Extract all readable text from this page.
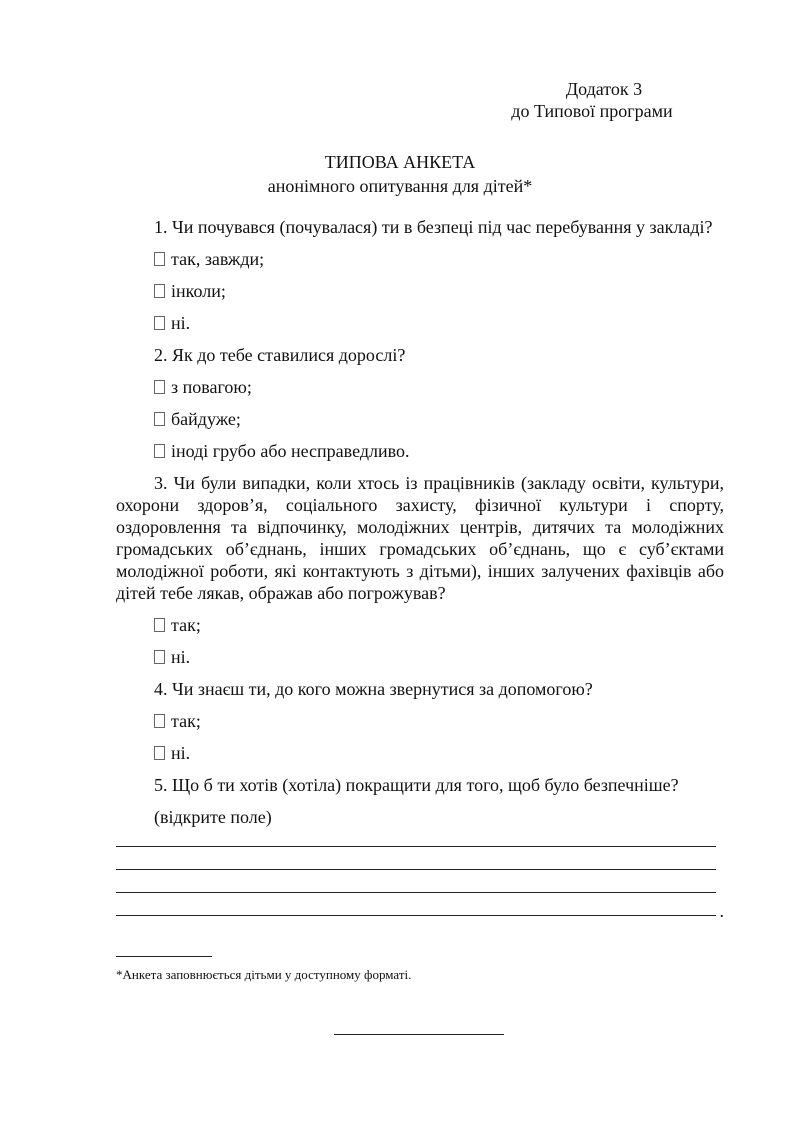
Додаток 3
до Типової програми
ТИПОВА АНКЕТА
анонімного опитування для дітей*

1. Чи почувався (почувалася) ти в безпеці під час перебування у закладі?

так, завжди;

інколи;

ні.

2. Як до тебе ставилися дорослі?

з повагою;

байдуже;

іноді грубо або несправедливо.

3. Чи були випадки, коли хтось із працівників (закладу освіти, культури, охорони здоров’я, соціального захисту, фізичної культури і спорту, оздоровлення та відпочинку, молодіжних центрів, дитячих та молодіжних громадських об’єднань, інших громадських об’єднань, що є суб’єктами молодіжної роботи, які контактують з дітьми), інших залучених фахівців або дітей тебе лякав, ображав або погрожував?

так;

ні.

4. Чи знаєш ти, до кого можна звернутися за допомогою?

так;

ні.

5. Що б ти хотів (хотіла) покращити для того, щоб було безпечніше?

(відкрите поле)

.
*Анкета заповнюється дітьми у доступному форматі.
